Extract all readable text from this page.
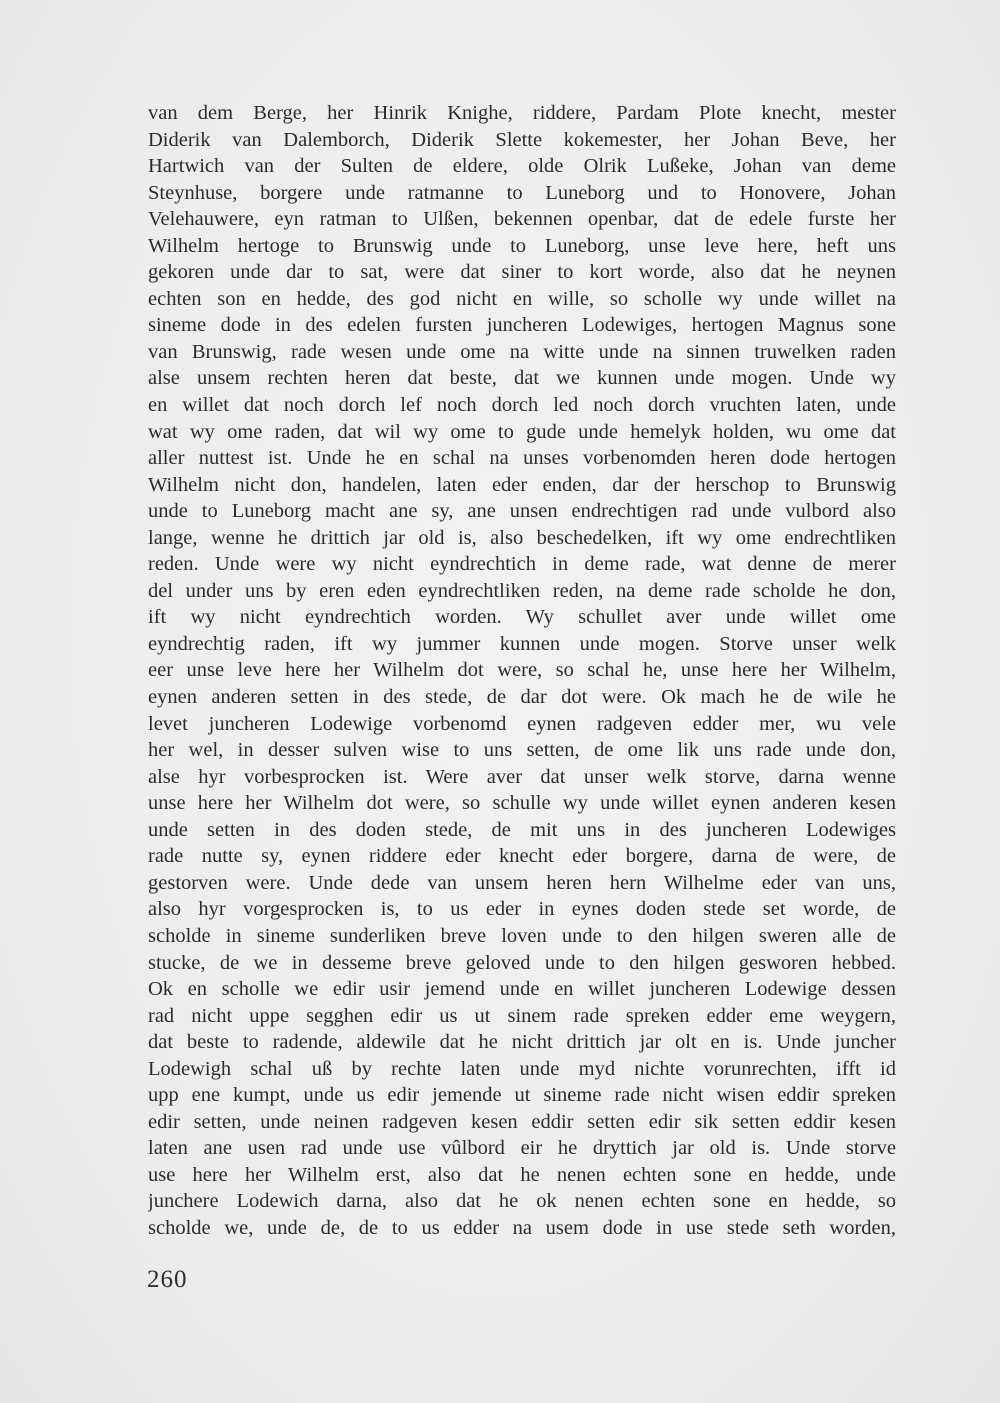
van dem Berge, her Hinrik Knighe, riddere, Pardam Plote knecht, mester
Diderik van Dalemborch, Diderik Slette kokemester, her Johan Beve, her
Hartwich van der Sulten de eldere, olde Olrik Lußeke, Johan van deme
Steynhuse, borgere unde ratmanne to Luneborg und to Honovere, Johan
Velehauwere, eyn ratman to Ulßen, bekennen openbar, dat de edele furste her
Wilhelm hertoge to Brunswig unde to Luneborg, unse leve here, heft uns
gekoren unde dar to sat, were dat siner to kort worde, also dat he neynen
echten son en hedde, des god nicht en wille, so scholle wy unde willet na
sineme dode in des edelen fursten juncheren Lodewiges, hertogen Magnus sone
van Brunswig, rade wesen unde ome na witte unde na sinnen truwelken raden
alse unsem rechten heren dat beste, dat we kunnen unde mogen. Unde wy
en willet dat noch dorch lef noch dorch led noch dorch vruchten laten, unde
wat wy ome raden, dat wil wy ome to gude unde hemelyk holden, wu ome dat
aller nuttest ist. Unde he en schal na unses vorbenomden heren dode hertogen
Wilhelm nicht don, handelen, laten eder enden, dar der herschop to Brunswig
unde to Luneborg macht ane sy, ane unsen endrechtigen rad unde vulbord also
lange, wenne he drittich jar old is, also beschedelken, ift wy ome endrechtliken
reden. Unde were wy nicht eyndrechtich in deme rade, wat denne de merer
del under uns by eren eden eyndrechtliken reden, na deme rade scholde he don,
ift wy nicht eyndrechtich worden. Wy schullet aver unde willet ome
eyndrechtig raden, ift wy jummer kunnen unde mogen. Storve unser welk
eer unse leve here her Wilhelm dot were, so schal he, unse here her Wilhelm,
eynen anderen setten in des stede, de dar dot were. Ok mach he de wile he
levet juncheren Lodewige vorbenomd eynen radgeven edder mer, wu vele
her wel, in desser sulven wise to uns setten, de ome lik uns rade unde don,
alse hyr vorbesprocken ist. Were aver dat unser welk storve, darna wenne
unse here her Wilhelm dot were, so schulle wy unde willet eynen anderen kesen
unde setten in des doden stede, de mit uns in des juncheren Lodewiges
rade nutte sy, eynen riddere eder knecht eder borgere, darna de were, de
gestorven were. Unde dede van unsem heren hern Wilhelme eder van uns,
also hyr vorgesprocken is, to us eder in eynes doden stede set worde, de
scholde in sineme sunderliken breve loven unde to den hilgen sweren alle de
stucke, de we in desseme breve geloved unde to den hilgen gesworen hebbed.
Ok en scholle we edir usir jemend unde en willet juncheren Lodewige dessen
rad nicht uppe segghen edir us ut sinem rade spreken edder eme weygern,
dat beste to radende, aldewile dat he nicht drittich jar olt en is. Unde juncher
Lodewigh schal uß by rechte laten unde myd nichte vorunrechten, ifft id
upp ene kumpt, unde us edir jemende ut sineme rade nicht wisen eddir spreken
edir setten, unde neinen radgeven kesen eddir setten edir sik setten eddir kesen
laten ane usen rad unde use vûlbord eir he dryttich jar old is. Unde storve
use here her Wilhelm erst, also dat he nenen echten sone en hedde, unde
junchere Lodewich darna, also dat he ok nenen echten sone en hedde, so
scholde we, unde de, de to us edder na usem dode in use stede seth worden,
260
